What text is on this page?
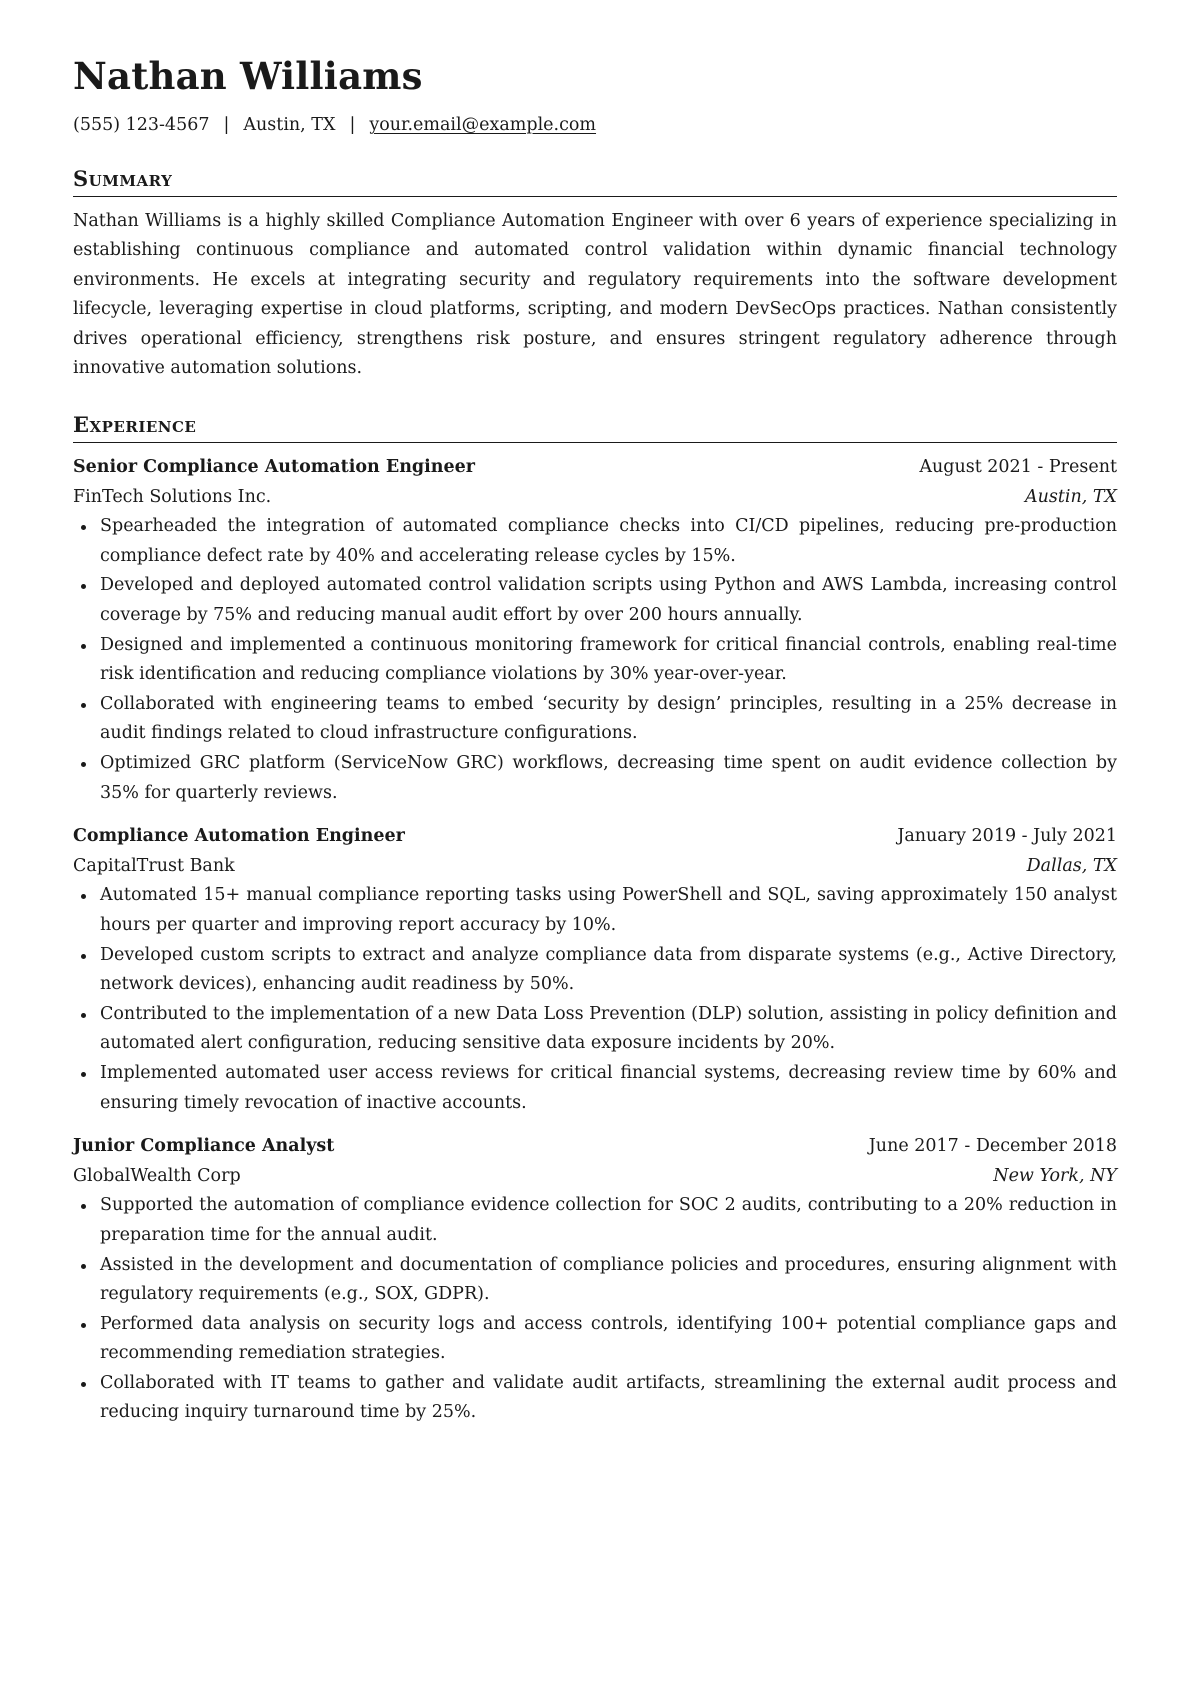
Nathan Williams
(555) 123-4567 | Austin, TX | your.email@example.com
Summary

Nathan Williams is a highly skilled Compliance Automation Engineer with over 6 years of experience specializing in establishing continuous compliance and automated control validation within dynamic financial technology environments. He excels at integrating security and regulatory requirements into the software development lifecycle, leveraging expertise in cloud platforms, scripting, and modern DevSecOps practices. Nathan consistently drives operational efficiency, strengthens risk posture, and ensures stringent regulatory adherence through innovative automation solutions.

Experience
Senior Compliance Automation Engineer	August 2021 - Present
FinTech Solutions Inc.	Austin, TX
Spearheaded the integration of automated compliance checks into CI/CD pipelines, reducing pre-production compliance defect rate by 40% and accelerating release cycles by 15%.
Developed and deployed automated control validation scripts using Python and AWS Lambda, increasing control coverage by 75% and reducing manual audit effort by over 200 hours annually.
Designed and implemented a continuous monitoring framework for critical financial controls, enabling real-time risk identification and reducing compliance violations by 30% year-over-year.
Collaborated with engineering teams to embed ‘security by design’ principles, resulting in a 25% decrease in audit findings related to cloud infrastructure configurations.
Optimized GRC platform (ServiceNow GRC) workflows, decreasing time spent on audit evidence collection by 35% for quarterly reviews.
Compliance Automation Engineer	January 2019 - July 2021
CapitalTrust Bank	Dallas, TX
Automated 15+ manual compliance reporting tasks using PowerShell and SQL, saving approximately 150 analyst hours per quarter and improving report accuracy by 10%.
Developed custom scripts to extract and analyze compliance data from disparate systems (e.g., Active Directory, network devices), enhancing audit readiness by 50%.
Contributed to the implementation of a new Data Loss Prevention (DLP) solution, assisting in policy definition and automated alert configuration, reducing sensitive data exposure incidents by 20%.
Implemented automated user access reviews for critical financial systems, decreasing review time by 60% and ensuring timely revocation of inactive accounts.
Junior Compliance Analyst	June 2017 - December 2018
GlobalWealth Corp	New York, NY
Supported the automation of compliance evidence collection for SOC 2 audits, contributing to a 20% reduction in preparation time for the annual audit.
Assisted in the development and documentation of compliance policies and procedures, ensuring alignment with regulatory requirements (e.g., SOX, GDPR).
Performed data analysis on security logs and access controls, identifying 100+ potential compliance gaps and recommending remediation strategies.
Collaborated with IT teams to gather and validate audit artifacts, streamlining the external audit process and reducing inquiry turnaround time by 25%.
